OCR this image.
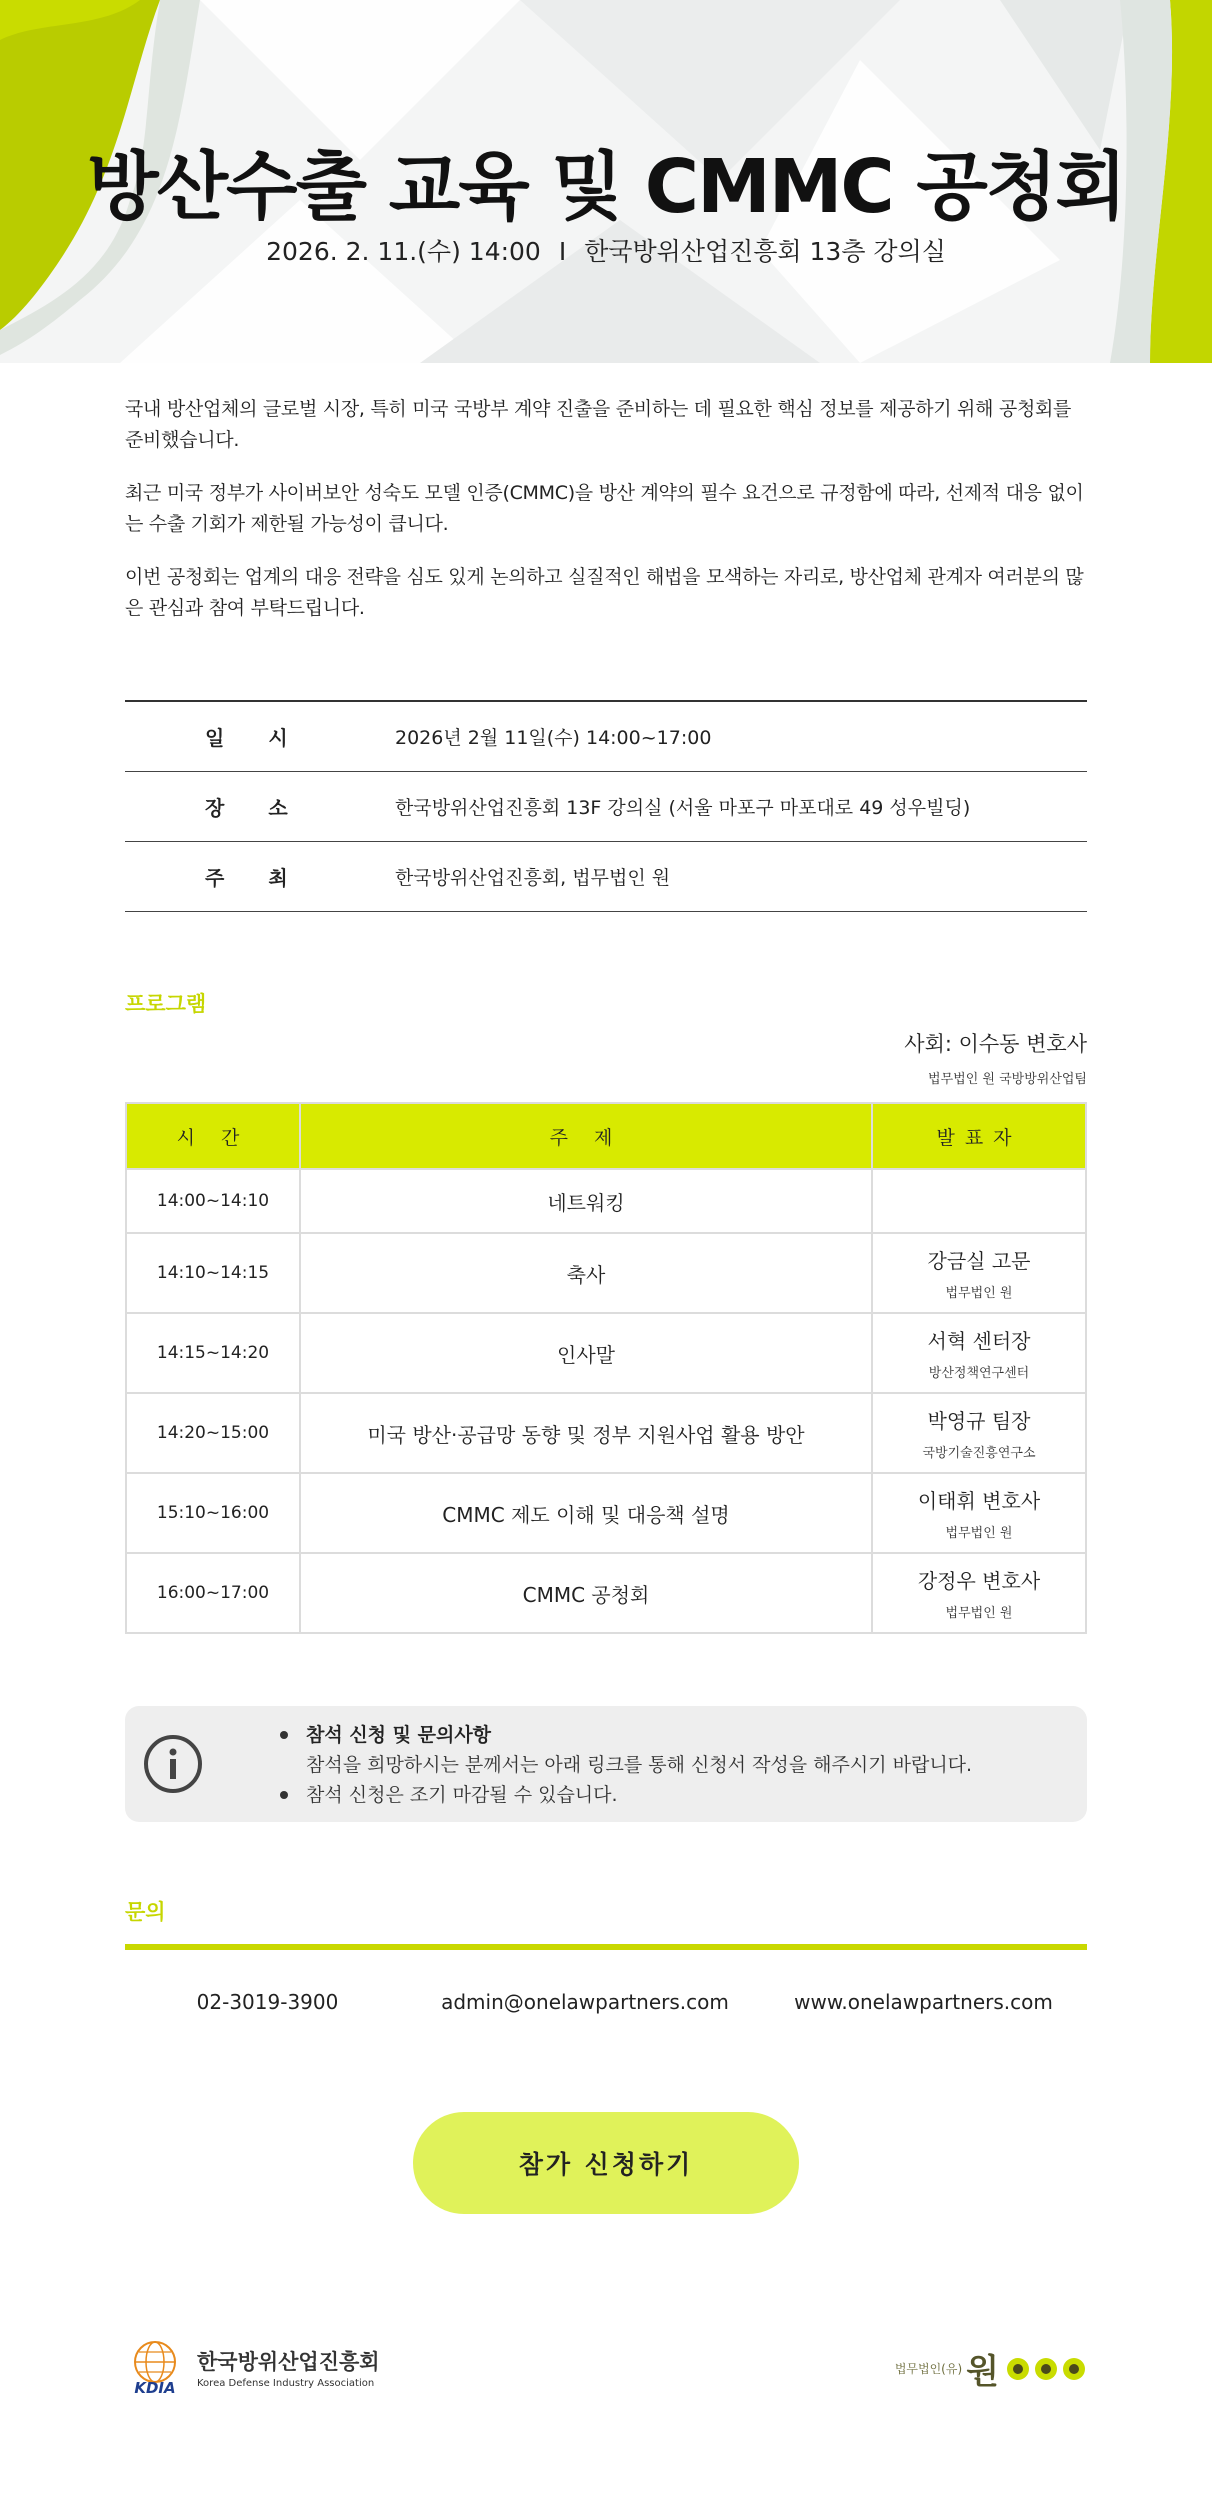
방산수출 교육 및 CMMC 공청회
2026. 2. 11.(수) 14:00 I 한국방위산업진흥회 13층 강의실

국내 방산업체의 글로벌 시장, 특히 미국 국방부 계약 진출을 준비하는 데 필요한 핵심 정보를 제공하기 위해 공청회를 준비했습니다.

최근 미국 정부가 사이버보안 성숙도 모델 인증(CMMC)을 방산 계약의 필수 요건으로 규정함에 따라, 선제적 대응 없이는 수출 기회가 제한될 가능성이 큽니다.

이번 공청회는 업계의 대응 전략을 심도 있게 논의하고 실질적인 해법을 모색하는 자리로, 방산업체 관계자 여러분의 많은 관심과 참여 부탁드립니다.

일시	2026년 2월 11일(수) 14:00~17:00
장소	한국방위산업진흥회 13F 강의실 (서울 마포구 마포대로 49 성우빌딩)
주최	한국방위산업진흥회, 법무법인 원
프로그램
사회: 이수동 변호사
법무법인 원 국방방위산업팀
시 간	주 제	발표자
14:00~14:10	네트워킹	

14:10~14:15	축사	강금실 고문
법무법인 원

14:15~14:20	인사말	서혁 센터장
방산정책연구센터

14:20~15:00	미국 방산·공급망 동향 및 정부 지원사업 활용 방안	박영규 팀장
국방기술진흥연구소

15:10~16:00	CMMC 제도 이해 및 대응책 설명	이태휘 변호사
법무법인 원

16:00~17:00	CMMC 공청회	강정우 변호사
법무법인 원
참석 신청 및 문의사항
참석을 희망하시는 분께서는 아래 링크를 통해 신청서 작성을 해주시기 바랍니다.
참석 신청은 조기 마감될 수 있습니다.
문의
02-3019-3900	admin@onelawpartners.com	www.onelawpartners.com
참가 신청하기
KDIA
한국방위산업진흥회
Korea Defense Industry Association
법무법인(유) 원
